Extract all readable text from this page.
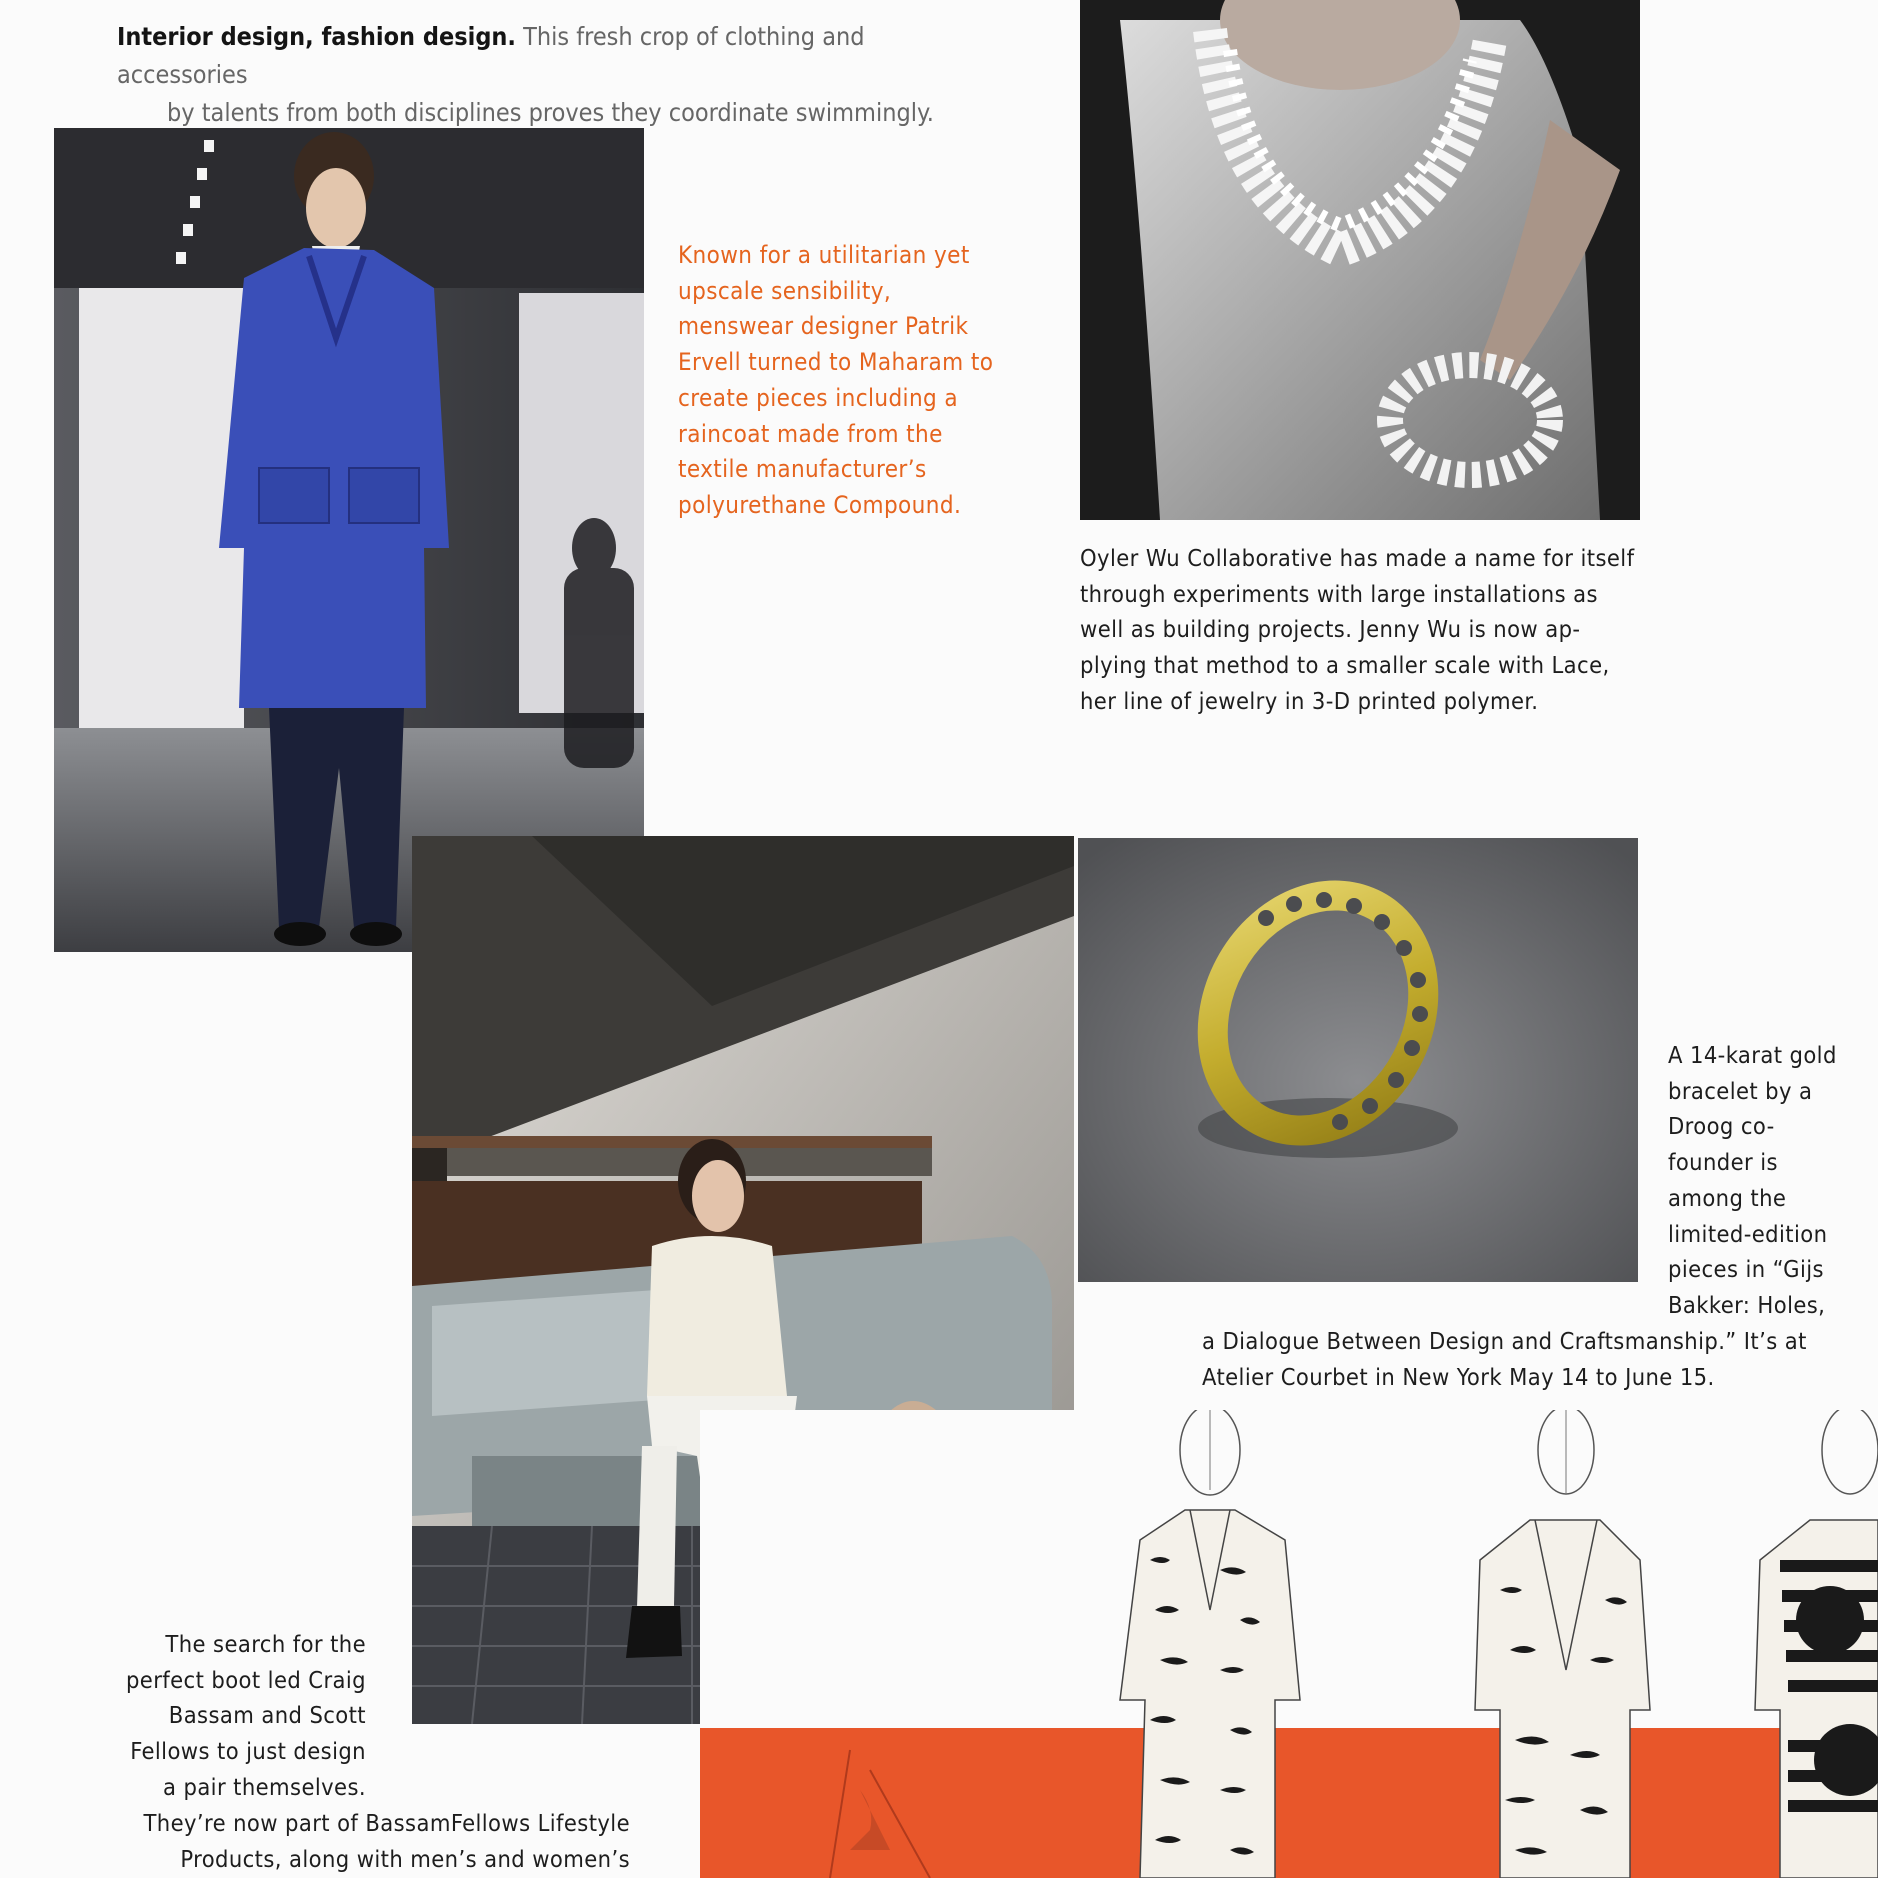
Interior design, fashion design. This fresh crop of clothing and accessories
by talents from both disciplines proves they coordinate swimmingly.
Known for a utilitarian yet
upscale sensibility,
menswear designer Patrik
Ervell turned to Maharam to
create pieces including a
raincoat made from the
textile manufacturer’s
polyurethane Compound.
Oyler Wu Collaborative has made a name for itself
through experiments with large installations as
well as building projects. Jenny Wu is now ap-
plying that method to a smaller scale with Lace,
her line of jewelry in 3-D printed polymer.
A 14-karat gold
bracelet by a
Droog co-
founder is
among the
limited-edition
pieces in “Gijs
Bakker: Holes,
a Dialogue Between Design and Craftsmanship.” It’s at
Atelier Courbet in New York May 14 to June 15.
The search for the
perfect boot led Craig
Bassam and Scott
Fellows to just design
a pair themselves.
They’re now part of BassamFellows Lifestyle
Products, along with men’s and women’s
